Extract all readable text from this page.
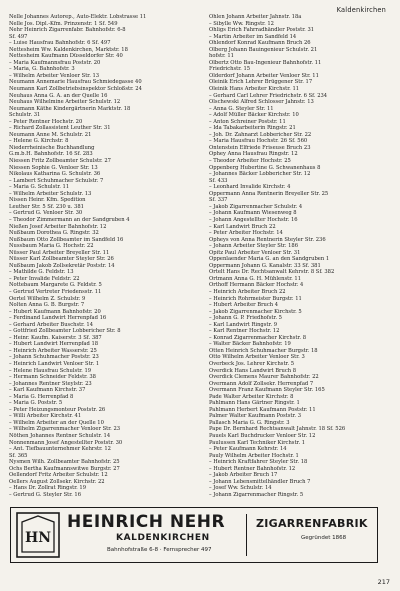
Kaldenkirchen
Nelle Johannes Autorep., Auto-Elektr. Lobstrasse 11
Nelle Jos. Dipl.-Kfm. Prinzenstr. 1 Sf. 549
Nehr Heinrich Zigarrenfabr. Bahnhofstr. 6-8
Sf. 497
– Luise Hausfrau Bahnhofstr. 6 Sf. 497
Nettesheim Ww. Kaldenkirchen, Marktstr. 18
Nettesheim Kaufmann Düsseldorfer Str. 40
– Maria Kaufmannsfrau Poststr. 20
– Maria, G. Bahnhofstr. 3
– Wilhelm Arbeiter Venloer Str. 13
Neumann Annemarie Hausfrau Schmiedegasse 40
Neumann Karl Zollbetriebsinspektor Schloßstr. 24
Neuhaus Anna G. A. an der Quelle 16
Neuhaus Wilhelmine Arbeiter Schulstr. 12
Neumann Käthe Kindergärtnerin Marktstr. 18
Schulstr. 31
– Peter Rentner Hochstr. 20
– Richard Zollassistent Leuther Str. 31
Neumann Anne M. Schulstr. 21
– Helene G. Kirchstr. 8
Niederrheinische Buchhandlung
G.m.b.H. Bahnhofstr. 16 Sf. 283
Niessen Fritz Zollbeamter Schulstr. 27
Niessen Sophie G. Venloer Str. 13
Nikolaus Katharina G. Schulstr. 36
– Lambert Schuhmacher Schulstr. 7
– Maria G. Schulstr. 11
– Wilhelm Arbeiter Schulstr. 13
Nissen Heinr. Kfm. Spedition
Leuther Str. 5 Sf. 230 u. 381
– Gertrud G. Venloer Str. 30
– Theodor Zimmermann an der Sandgruben 4
Nießen Josef Arbeiter Bahnhofstr. 12
Nußbaum Dorothea G. Ringstr. 32
Nußbaum Otto Zollbeamter im Sandfeld 16
Nussbaum Maria G. Hochstr. 22
Nüsser Paul Arbeiter Breyeller Str. 11
Nüsser Karl Zollbeamter Steyler Str. 26
Nußbaum Jakob Zollsekretär Poststr. 14
– Mathilde G. Feldstr. 13
– Peter Invalide Feldstr. 22
Nottebaum Margarete G. Feldstr. 5
– Gertrud Vertreter Friedensstr. 11
Oertel Wilhelm Z. Schulstr. 9
Nolten Anna G. B. Burgstr. 7
– Hubert Kaufmann Bahnhofstr. 20
– Ferdinand Landwirt Herrenpfad 16
– Gerhard Arbeiter Buschstr. 14
– Gottfried Zollbeamter Lobbericher Str. 8
– Heinr. Kaufm. Kaiserstr. 3 Sf. 387
– Hubert Landwirt Herrenpfad 18
– Heinrich Arbeiter Wasserstr. 25
– Johann Schuhmacher Poststr. 23
– Heinrich Landwirt Venloer Str. 1
– Helene Hausfrau Schulstr. 19
– Hermann Schneider Feldstr. 38
– Johannes Rentner Steylstr. 23
– Karl Kaufmann Kirchstr. 37
– Maria G. Herrenpfad 8
– Maria G. Poststr. 5
– Peter Heizungsmonteur Poststr. 26
– Willi Arbeiter Kirchstr. 41
– Wilhelm Arbeiter an der Quelle 10
– Wilhelm Zigarrenmacher Venloer Str. 23
Nöthen Johannes Rentner Schulstr. 14
Nonnenmann Josef Angestellter Poststr. 30
– Ant. Tiefbauunternehmer Kehrstr. 12
Sf. 365
Nysmen Wilh. Zollbeamter Bahnhofstr. 25
Ochs Bertha Kaufmannswitwe Burgstr. 27
Oellendorf Fritz Arbeiter Schulstr. 12
Oellers August Zollsekr. Kirchstr. 22
– Hans Dr. Zollrat Ringstr. 19
– Gertrud G. Steyler Str. 16
Ohlen Johann Arbeiter Jahnstr. 18a
– Sibylle Ww. Ringstr. 12
Ohligs Erich Fahrradhändler Poststr. 31
– Martin Arbeiter im Sandfeld 14
Ohlendorf Konrad Kaufmann Bruch 26
Olberg Johann Bauingenieur Schulstr. 21
hofstr. 11
Olbertz Otto Bau-Ingenieur Bahnhofstr. 11
Friedrichstr. 15
Olderdorf Johann Arbeiter Venloer Str. 11
Oleinik Erich Lehrer Brüggener Str. 17
Oleinik Hans Arbeiter Kirchstr. 11
– Gerhard Carl Lehrer Friedrichstr. 6 Sf. 234
Olschewski Alfred Schlosser Jahnstr. 13
– Anna G. Steyler Str. 11
– Adolf Müller Bäcker Kirchstr. 10
– Anton Schreiner Poststr. 11
– Ida Tabakarbeiterin Ringstr. 21
– Joh. Dr. Zahnarzt Lobbericher Str. 22
– Maria Hausfrau Hochstr. 26 Sf. 560
Ontenstein Elfriede Friseuse Bruch 23
Ophey Anna Hausfrau Ringstr. 12
– Theodor Arbeiter Hochstr. 25
Oppenberg Hubertine G. Schwanenhaus 8
– Johannes Bäcker Lobbericher Str. 12
Sf. 433
– Leonhard Invalide Kirchstr. 4
Oppermann Anna Rentnerin Breyeller Str. 25
Sf. 337
– Jakob Zigarrenmacher Schulstr. 4
– Johann Kaufmann Wiesenweg 8
– Johann Angestellter Hochstr. 16
– Karl Landwirt Bruch 22
– Peter Arbeiter Hochstr. 14
Opheys von Anna Rentnerin Steyler Str. 236
– Johann Arbeiter Steyler Str. 186
Opitz Paul Arbeiter Venloer Str. 31
Oppenlaender Maria G. an den Sandgruben 1
Oppermann Johann G. Kanalstr. 33 Sf. 381
Ortelt Hans Dr. Rechtsanwalt Kehrstr. 8 Sf. 382
Ortmann Anna G. H. Mühlenstr. 11
Orthoff Hermann Bäcker Hochstr. 4
– Heinrich Arbeiter Bruch 22
– Heinrich Rohrmeister Burgstr. 11
– Hubert Arbeiter Bruch 4
– Jakob Zigarrenmacher Kirchstr. 5
– Johann G. P. Friedhofstr. 5
– Karl Landwirt Ringstr. 9
– Karl Rentner Hochstr. 12
– Konrad Zigarrenmacher Kirchstr. 8
– Walter Bäcker Bahnhofstr. 19
Otten Heinrich Schuhmacher Burgstr. 18
Otto Wilhelm Arbeiter Venloer Str. 3
Overbeck Jos. Lehrer Kirchstr. 5
Overdick Hans Landwirt Bruch 8
Overdick Clemens Maurer Bahnhofstr. 22
Overmann Adolf Zollsekr. Herrenpfad 7
Overmann Franz Kaufmann Steyler Str. 165
Pade Walter Arbeiter Kirchstr. 8
Pahlmann Hans Gärtner Ringstr. 1
Pahlmann Herbert Kaufmann Poststr. 11
Palmer Walter Kaufmann Poststr. 3
Pallasch Maria G. G. Ringstr. 3
Pape Dr. Bernhard Rechtsanwalt Jahnstr. 18 Sf. 526
Pauels Karl Buchdrucker Venloer Str. 12
Paulussen Karl Techniker Kirchstr. 1
– Peter Kaufmann Kehrstr. 14
Pauly Wilhelm Arbeiter Hochstr. 1
– Heinrich Kraftfahrer Steyler Str. 18
– Hubert Rentner Bahnhofstr. 12
– Jakob Arbeiter Bruch 17
– Johann Lebensmittelhändler Bruch 7
– Josef Ww. Schulstr. 14
– Johann Zigarrenmacher Ringstr. 5
HN
HEINRICH NEHR
KALDENKIRCHEN
Bahnhofstraße 6-8 · Fernsprecher 497
ZIGARRENFABRIK
Gegründet 1868
217
